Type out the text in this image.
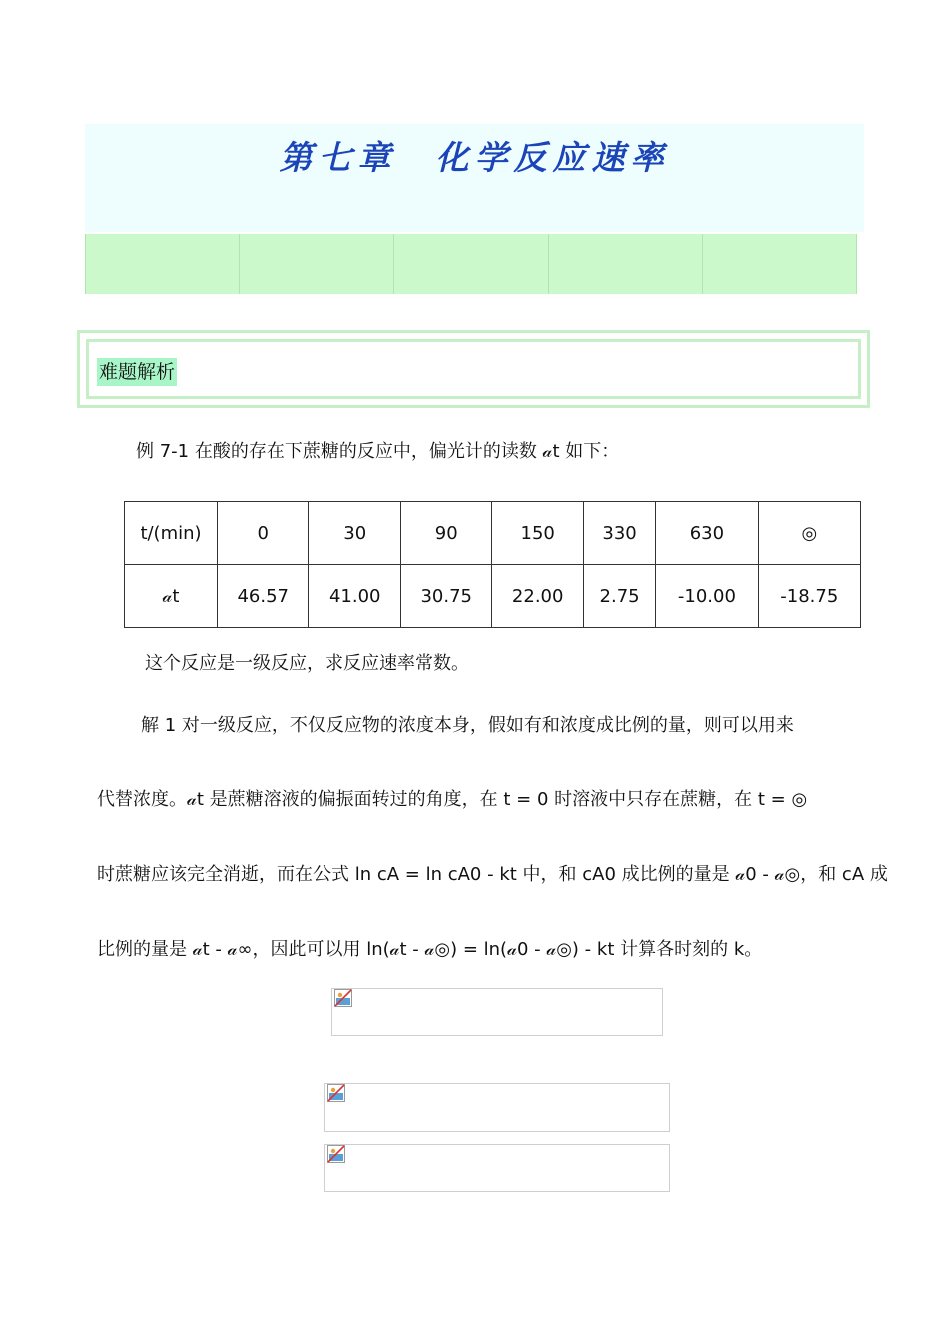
第七章　化学反应速率
难题解析
例 7-1 在酸的存在下蔗糖的反应中，偏光计的读数 𝒶t 如下：
t/(min)	0	30	90	150	330	630	◎
𝒶t	46.57	41.00	30.75	22.00	2.75	-10.00	-18.75
这个反应是一级反应，求反应速率常数。
解 1 对一级反应，不仅反应物的浓度本身，假如有和浓度成比例的量，则可以用来
代替浓度。𝒶t 是蔗糖溶液的偏振面转过的角度，在 t = 0 时溶液中只存在蔗糖，在 t = ◎
时蔗糖应该完全消逝，而在公式 ln cA = ln cA0 - kt 中，和 cA0 成比例的量是 𝒶0 - 𝒶◎，和 cA 成
比例的量是 𝒶t - 𝒶∞，因此可以用 ln(𝒶t - 𝒶◎) = ln(𝒶0 - 𝒶◎) - kt 计算各时刻的 k。
